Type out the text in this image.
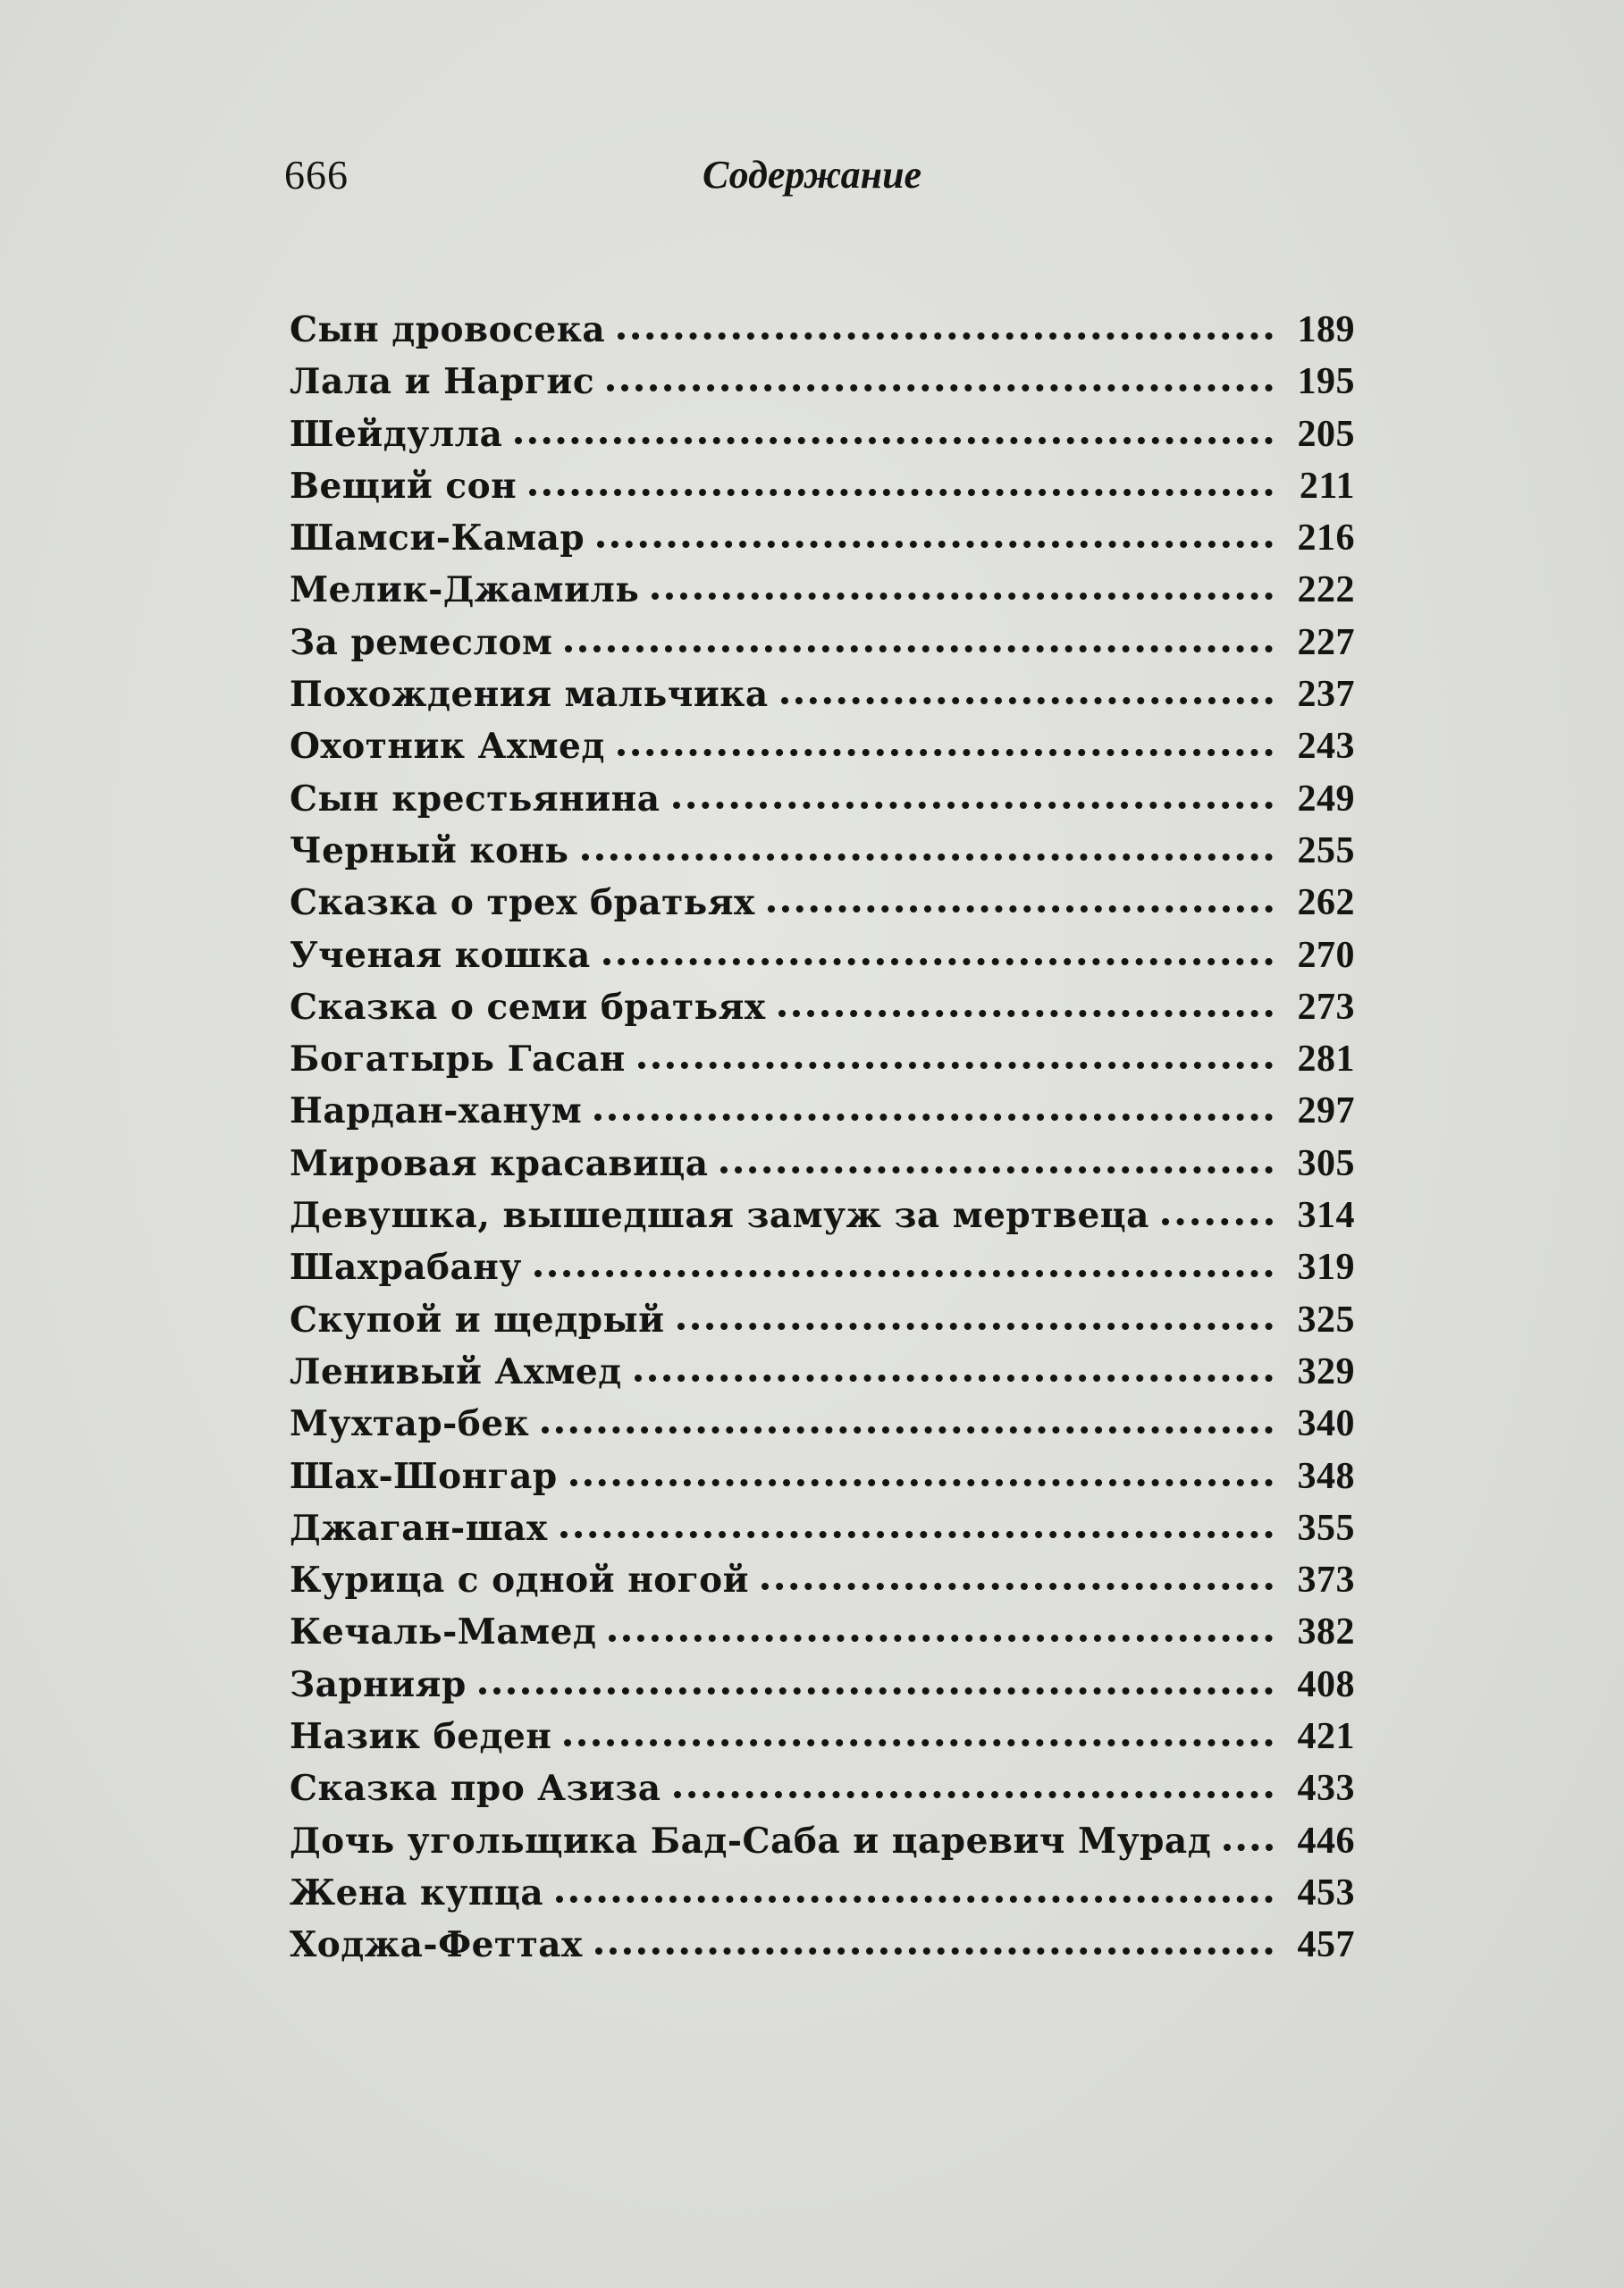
666	Содержание
Сын дровосека	189
Лала и Наргис	195
Шейдулла	205
Вещий сон	211
Шамси-Камар	216
Мелик-Джамиль	222
За ремеслом	227
Похождения мальчика	237
Охотник Ахмед	243
Сын крестьянина	249
Черный конь	255
Сказка о трех братьях	262
Ученая кошка	270
Сказка о семи братьях	273
Богатырь Гасан	281
Нардан-ханум	297
Мировая красавица	305
Девушка, вышедшая замуж за мертвеца	314
Шахрабану	319
Скупой и щедрый	325
Ленивый Ахмед	329
Мухтар-бек	340
Шах-Шонгар	348
Джаган-шах	355
Курица с одной ногой	373
Кечаль-Мамед	382
Зарнияр	408
Назик беден	421
Сказка про Азиза	433
Дочь угольщика Бад-Саба и царевич Мурад	446
Жена купца	453
Ходжа-Феттах	457
